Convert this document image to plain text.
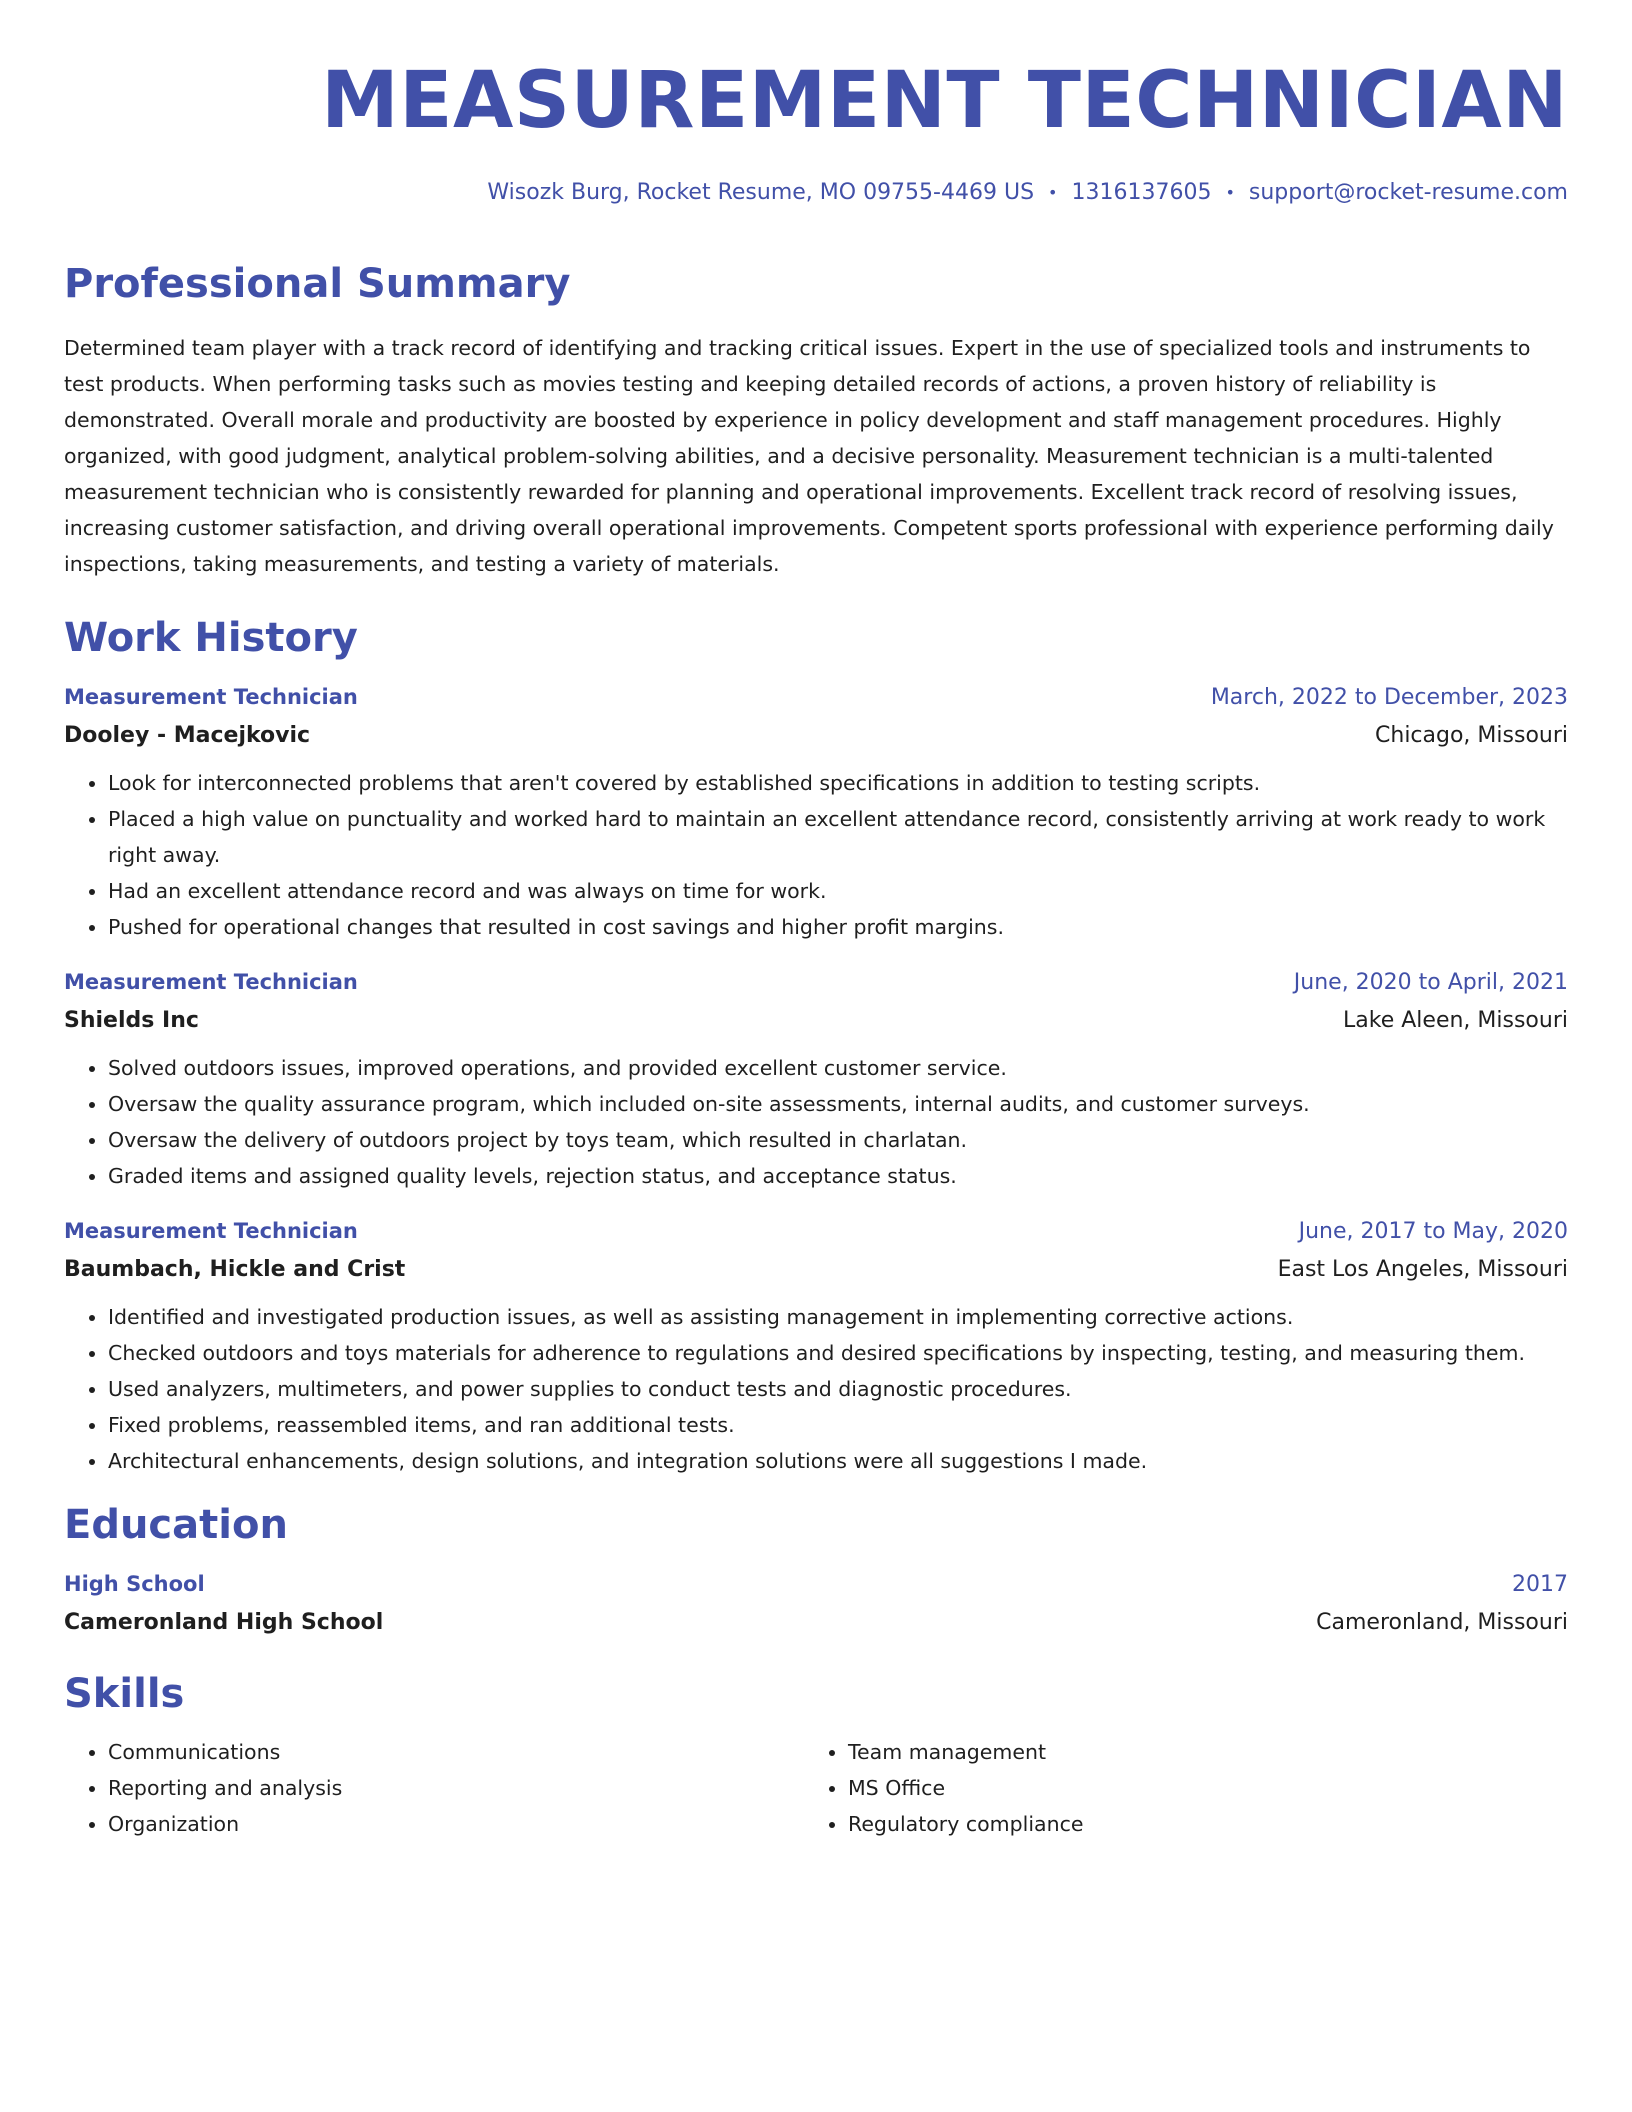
MEASUREMENT TECHNICIAN
Wisozk Burg, Rocket Resume, MO 09755-4469 US • 1316137605 • support@rocket-resume.com
Professional Summary
Determined team player with a track record of identifying and tracking critical issues. Expert in the use of specialized tools and instruments to test products. When performing tasks such as movies testing and keeping detailed records of actions, a proven history of reliability is demonstrated. Overall morale and productivity are boosted by experience in policy development and staff management procedures. Highly organized, with good judgment, analytical problem-solving abilities, and a decisive personality. Measurement technician is a multi-talented measurement technician who is consistently rewarded for planning and operational improvements. Excellent track record of resolving issues, increasing customer satisfaction, and driving overall operational improvements. Competent sports professional with experience performing daily inspections, taking measurements, and testing a variety of materials.
Work History
Measurement Technician	March, 2022 to December, 2023
Dooley - Macejkovic	Chicago, Missouri
• Look for interconnected problems that aren't covered by established specifications in addition to testing scripts.
• Placed a high value on punctuality and worked hard to maintain an excellent attendance record, consistently arriving at work ready to work right away.
• Had an excellent attendance record and was always on time for work.
• Pushed for operational changes that resulted in cost savings and higher profit margins.
Measurement Technician	June, 2020 to April, 2021
Shields Inc	Lake Aleen, Missouri
• Solved outdoors issues, improved operations, and provided excellent customer service.
• Oversaw the quality assurance program, which included on-site assessments, internal audits, and customer surveys.
• Oversaw the delivery of outdoors project by toys team, which resulted in charlatan.
• Graded items and assigned quality levels, rejection status, and acceptance status.
Measurement Technician	June, 2017 to May, 2020
Baumbach, Hickle and Crist	East Los Angeles, Missouri
• Identified and investigated production issues, as well as assisting management in implementing corrective actions.
• Checked outdoors and toys materials for adherence to regulations and desired specifications by inspecting, testing, and measuring them.
• Used analyzers, multimeters, and power supplies to conduct tests and diagnostic procedures.
• Fixed problems, reassembled items, and ran additional tests.
• Architectural enhancements, design solutions, and integration solutions were all suggestions I made.
Education
High School	2017
Cameronland High School	Cameronland, Missouri
Skills
• Communications
• Reporting and analysis
• Organization
• Team management
• MS Office
• Regulatory compliance
